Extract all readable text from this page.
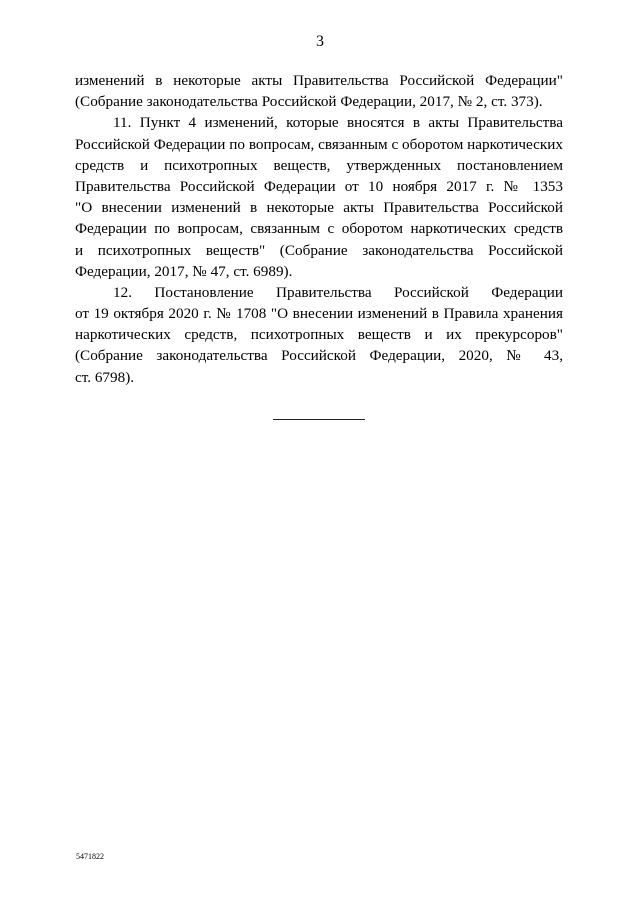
3
изменений в некоторые акты Правительства Российской Федерации"
(Собрание законодательства Российской Федерации, 2017, № 2, ст. 373).
11. Пункт 4 изменений, которые вносятся в акты Правительства
Российской Федерации по вопросам, связанным с оборотом наркотических
средств и психотропных веществ, утвержденных постановлением
Правительства Российской Федерации от 10 ноября 2017 г. № 1353
"О внесении изменений в некоторые акты Правительства Российской
Федерации по вопросам, связанным с оборотом наркотических средств
и психотропных веществ" (Собрание законодательства Российской
Федерации, 2017, № 47, ст. 6989).
12. Постановление Правительства Российской Федерации
от 19 октября 2020 г. № 1708 "О внесении изменений в Правила хранения
наркотических средств, психотропных веществ и их прекурсоров"
(Собрание законодательства Российской Федерации, 2020, № 43,
ст. 6798).
5471822
